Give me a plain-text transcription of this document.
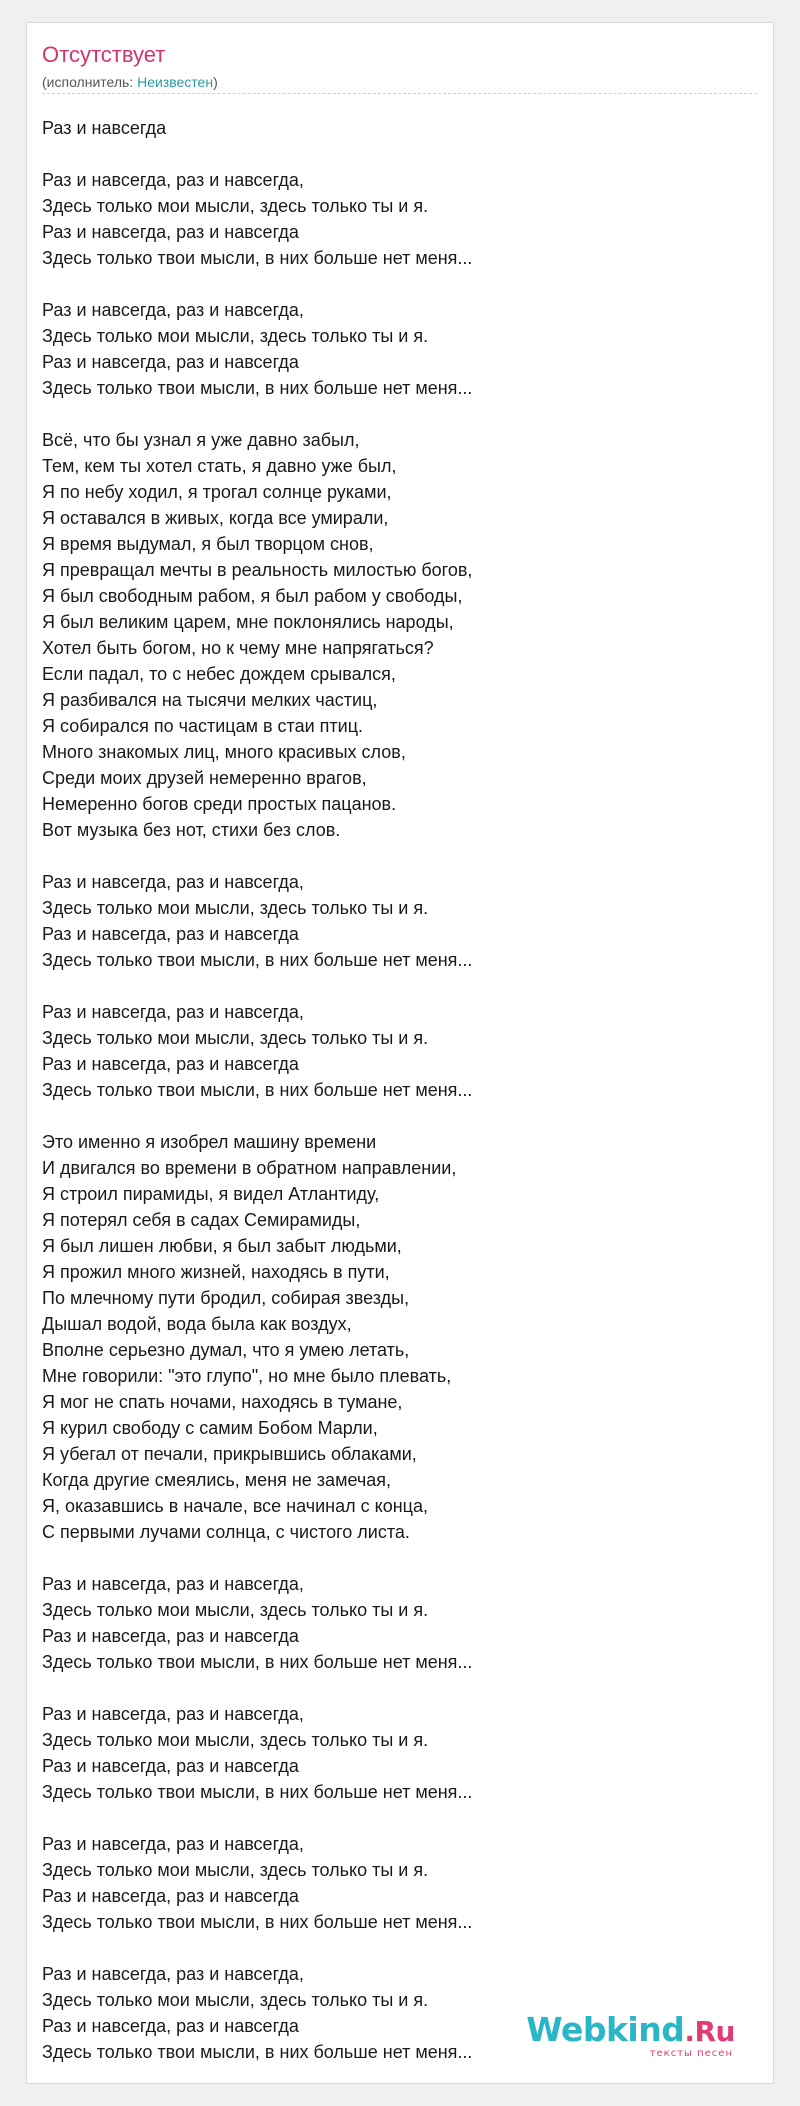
Отсутствует
(исполнитель: Неизвестен)
Раз и навсегда
Раз и навсегда, раз и навсегда,
Здесь только мои мысли, здесь только ты и я.
Раз и навсегда, раз и навсегда
Здесь только твои мысли, в них больше нет меня...
Раз и навсегда, раз и навсегда,
Здесь только мои мысли, здесь только ты и я.
Раз и навсегда, раз и навсегда
Здесь только твои мысли, в них больше нет меня...
Всё, что бы узнал я уже давно забыл,
Тем, кем ты хотел стать, я давно уже был,
Я по небу ходил, я трогал солнце руками,
Я оставался в живых, когда все умирали,
Я время выдумал, я был творцом снов,
Я превращал мечты в реальность милостью богов,
Я был свободным рабом, я был рабом у свободы,
Я был великим царем, мне поклонялись народы,
Хотел быть богом, но к чему мне напрягаться?
Если падал, то с небес дождем срывался,
Я разбивался на тысячи мелких частиц,
Я собирался по частицам в стаи птиц.
Много знакомых лиц, много красивых слов,
Среди моих друзей немеренно врагов,
Немеренно богов среди простых пацанов.
Вот музыка без нот, стихи без слов.
Раз и навсегда, раз и навсегда,
Здесь только мои мысли, здесь только ты и я.
Раз и навсегда, раз и навсегда
Здесь только твои мысли, в них больше нет меня...
Раз и навсегда, раз и навсегда,
Здесь только мои мысли, здесь только ты и я.
Раз и навсегда, раз и навсегда
Здесь только твои мысли, в них больше нет меня...
Это именно я изобрел машину времени
И двигался во времени в обратном направлении,
Я строил пирамиды, я видел Атлантиду,
Я потерял себя в садах Семирамиды,
Я был лишен любви, я был забыт людьми,
Я прожил много жизней, находясь в пути,
По млечному пути бродил, собирая звезды,
Дышал водой, вода была как воздух,
Вполне серьезно думал, что я умею летать,
Мне говорили: "это глупо", но мне было плевать,
Я мог не спать ночами, находясь в тумане,
Я курил свободу с самим Бобом Марли,
Я убегал от печали, прикрывшись облаками,
Когда другие смеялись, меня не замечая,
Я, оказавшись в начале, все начинал с конца,
С первыми лучами солнца, с чистого листа.
Раз и навсегда, раз и навсегда,
Здесь только мои мысли, здесь только ты и я.
Раз и навсегда, раз и навсегда
Здесь только твои мысли, в них больше нет меня...
Раз и навсегда, раз и навсегда,
Здесь только мои мысли, здесь только ты и я.
Раз и навсегда, раз и навсегда
Здесь только твои мысли, в них больше нет меня...
Раз и навсегда, раз и навсегда,
Здесь только мои мысли, здесь только ты и я.
Раз и навсегда, раз и навсегда
Здесь только твои мысли, в них больше нет меня...
Раз и навсегда, раз и навсегда,
Здесь только мои мысли, здесь только ты и я.
Раз и навсегда, раз и навсегда
Здесь только твои мысли, в них больше нет меня...
Webkind.Ru
тексты песен
